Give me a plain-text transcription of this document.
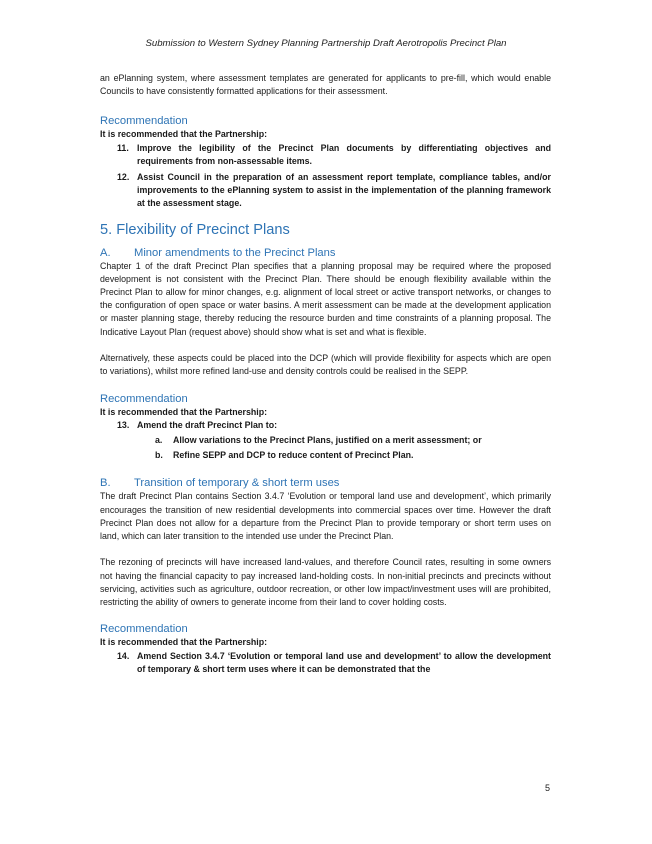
Submission to Western Sydney Planning Partnership Draft Aerotropolis Precinct Plan

an ePlanning system, where assessment templates are generated for applicants to pre-fill, which would enable Councils to have consistently formatted applications for their assessment.

Recommendation

It is recommended that the Partnership:

11. Improve the legibility of the Precinct Plan documents by differentiating objectives and requirements from non-assessable items.
12. Assist Council in the preparation of an assessment report template, compliance tables, and/or improvements to the ePlanning system to assist in the implementation of the planning framework at the assessment stage.
5. Flexibility of Precinct Plans
A. Minor amendments to the Precinct Plans

Chapter 1 of the draft Precinct Plan specifies that a planning proposal may be required where the proposed development is not consistent with the Precinct Plan. There should be enough flexibility available within the Precinct Plan to allow for minor changes, e.g. alignment of local street or active transport networks, or changes to the configuration of open space or water basins. A merit assessment can be made at the development application or master planning stage, thereby reducing the resource burden and time constraints of a planning proposal. The Indicative Layout Plan (request above) should show what is set and what is flexible.

Alternatively, these aspects could be placed into the DCP (which will provide flexibility for aspects which are open to variations), whilst more refined land-use and density controls could be realised in the SEPP.

Recommendation

It is recommended that the Partnership:

13. Amend the draft Precinct Plan to:
a. Allow variations to the Precinct Plans, justified on a merit assessment; or
b. Refine SEPP and DCP to reduce content of Precinct Plan.
B. Transition of temporary & short term uses

The draft Precinct Plan contains Section 3.4.7 ‘Evolution or temporal land use and development’, which primarily encourages the transition of new residential developments into commercial spaces over time. However the draft Precinct Plan does not allow for a departure from the Precinct Plan to provide temporary or short term uses on land, which can later transition to the intended use under the Precinct Plan.

The rezoning of precincts will have increased land-values, and therefore Council rates, resulting in some owners not having the financial capacity to pay increased land-holding costs. In non-initial precincts and precincts without servicing, activities such as agriculture, outdoor recreation, or other low impact/investment uses will are prohibited, restricting the ability of owners to generate income from their land to cover holding costs.

Recommendation

It is recommended that the Partnership:

14. Amend Section 3.4.7 ‘Evolution or temporal land use and development’ to allow the development of temporary & short term uses where it can be demonstrated that the
5
